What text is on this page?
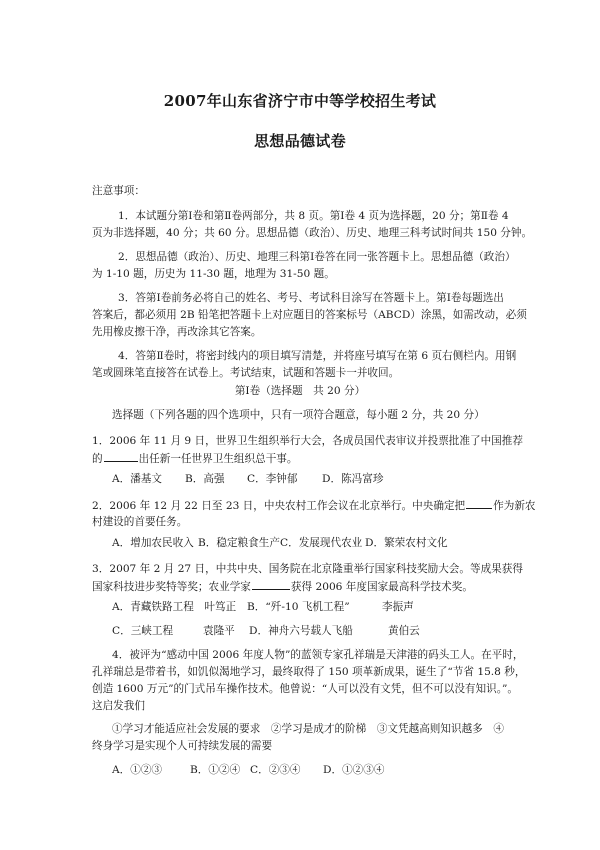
2007年山东省济宁市中等学校招生考试
思想品德试卷
注意事项：
1．本试题分第Ⅰ卷和第Ⅱ卷两部分，共 8 页。第Ⅰ卷 4 页为选择题，20 分；第Ⅱ卷 4
页为非选择题，40 分；共 60 分。思想品德（政治）、历史、地理三科考试时间共 150 分钟。
2．思想品德（政治）、历史、地理三科第Ⅰ卷答在同一张答题卡上。思想品德（政治）
为 1-10 题，历史为 11-30 题，地理为 31-50 题。
3．答第Ⅰ卷前务必将自己的姓名、考号、考试科目涂写在答题卡上。第Ⅰ卷每题选出
答案后，都必须用 2B 铅笔把答题卡上对应题目的答案标号（ABCD）涂黑，如需改动，必须
先用橡皮擦干净，再改涂其它答案。
4．答第Ⅱ卷时，将密封线内的项目填写清楚，并将座号填写在第 6 页右侧栏内。用钢
笔或圆珠笔直接答在试卷上。考试结束，试题和答题卡一并收回。
第Ⅰ卷（选择题　共 20 分）
选择题（下列各题的四个选项中，只有一项符合题意，每小题 2 分，共 20 分）
1．2006 年 11 月 9 日，世界卫生组织举行大会，各成员国代表审议并投票批准了中国推荐
的	出任新一任世界卫生组织总干事。
A．潘基文 B．高强 C．李钟郁 D．陈冯富珍
2．2006 年 12 月 22 日至 23 日，中央农村工作会议在北京举行。中央确定把	作为新农
村建设的首要任务。
A．增加农民收入 B．稳定粮食生产 C．发展现代农业 D．繁荣农村文化
3．2007 年 2 月 27 日，中共中央、国务院在北京隆重举行国家科技奖励大会。等成果获得
国家科技进步奖特等奖；农业学家	获得 2006 年度国家最高科学技术奖。
A．青藏铁路工程　叶笃正 B．“歼-10 飞机工程”	李振声
C．三峡工程	袁隆平 D．神舟六号载人飞船	黄伯云
4．被评为“感动中国 2006 年度人物”的蓝领专家孔祥瑞是天津港的码头工人。在平时，
孔祥瑞总是带着书，如饥似渴地学习，最终取得了 150 项革新成果，诞生了“节省 15.8 秒，
创造 1600 万元”的门式吊车操作技术。他曾说：“人可以没有文凭，但不可以没有知识。”。
这启发我们
①学习才能适应社会发展的要求　②学习是成才的阶梯　③文凭越高则知识越多　④
终身学习是实现个人可持续发展的需要
A．①②③	B．①②④ C．②③④ D．①②③④
